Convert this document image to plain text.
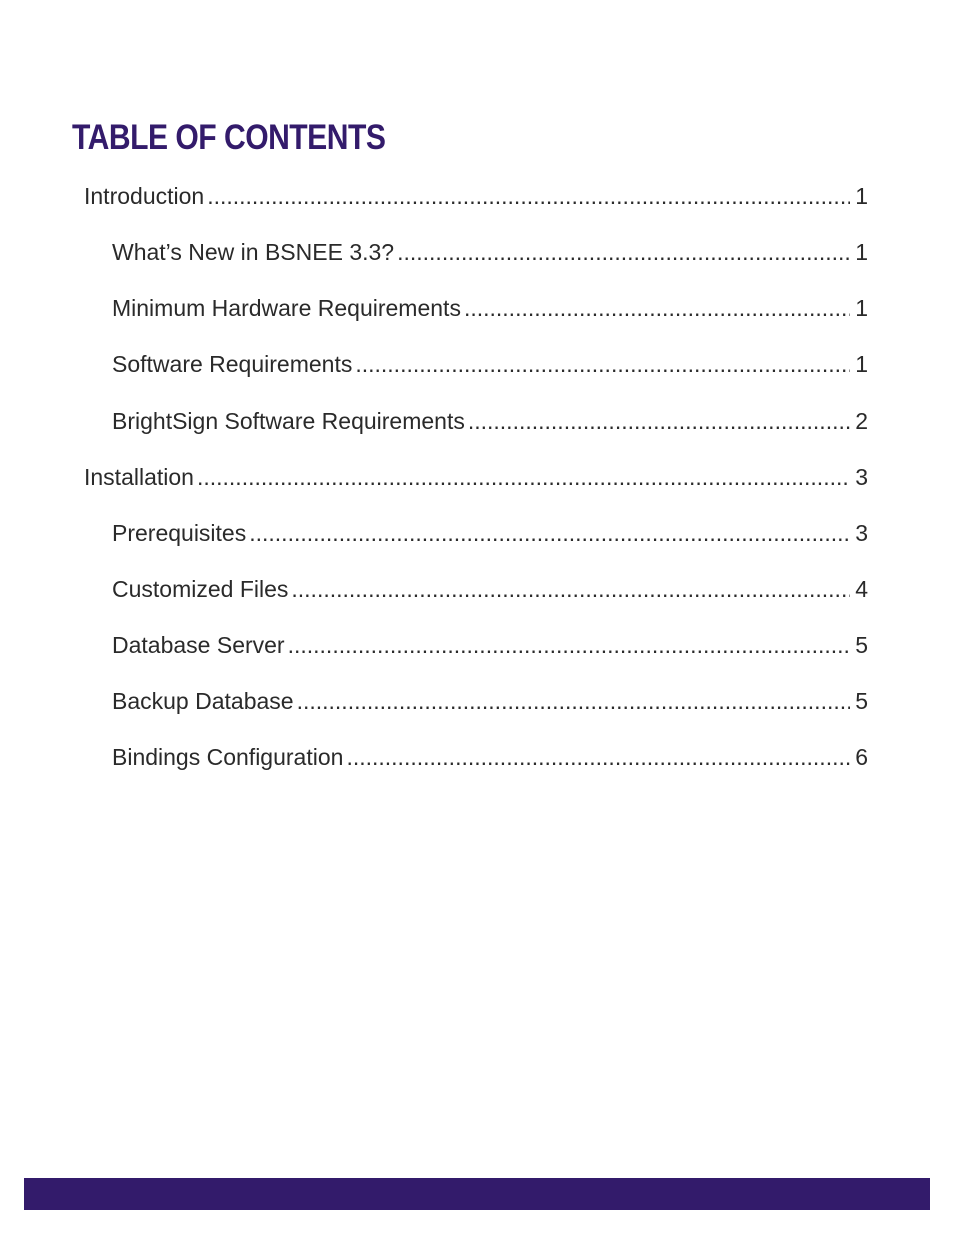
TABLE OF CONTENTS
Introduction .....	1
What’s New in BSNEE 3.3? .....	1
Minimum Hardware Requirements .....	1
Software Requirements .....	1
BrightSign Software Requirements .....	2
Installation .....	3
Prerequisites .....	3
Customized Files .....	4
Database Server .....	5
Backup Database .....	5
Bindings Configuration .....	6
